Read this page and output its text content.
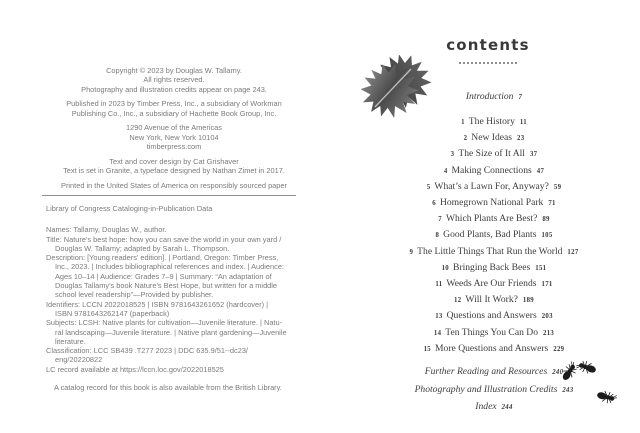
Copyright © 2023 by Douglas W. Tallamy.
All rights reserved.
Photography and illustration credits appear on page 243.
Published in 2023 by Timber Press, Inc., a subsidiary of Workman
Publishing Co., Inc., a subsidiary of Hachette Book Group, Inc.
1290 Avenue of the Americas
New York, New York 10104
timberpress.com
Text and cover design by Cat Grishaver
Text is set in Granite, a typeface designed by Nathan Zimet in 2017.
Printed in the United States of America on responsibly sourced paper
Library of Congress Cataloging-in-Publication Data
Names: Tallamy, Douglas W., author.
Title: Nature's best hope: how you can save the world in your own yard /
Douglas W. Tallamy; adapted by Sarah L. Thompson.
Description: [Young readers' edition]. | Portland, Oregon: Timber Press,
Inc., 2023. | Includes bibliographical references and index. | Audience:
Ages 10–14 | Audience: Grades 7–9 | Summary: “An adaptation of
Douglas Tallamy's book Nature's Best Hope, but written for a middle
school level readership”—Provided by publisher.
Identifiers: LCCN 2022018525 | ISBN 9781643261652 (hardcover) |
ISBN 9781643262147 (paperback)
Subjects: LCSH: Native plants for cultivation—Juvenile literature. | Natu-
ral landscaping—Juvenile literature. | Native plant gardening—Juvenile
literature.
Classification: LCC SB439 .T277 2023 | DDC 635.9/51--dc23/
eng/20220822
LC record available at https://lccn.loc.gov/2022018525
A catalog record for this book is also available from the British Library.
contents
Introduction 7
1 The History 11
2 New Ideas 23
3 The Size of It All 37
4 Making Connections 47
5 What’s a Lawn For, Anyway? 59
6 Homegrown National Park 71
7 Which Plants Are Best? 89
8 Good Plants, Bad Plants 105
9 The Little Things That Run the World 127
10 Bringing Back Bees 151
11 Weeds Are Our Friends 171
12 Will It Work? 189
13 Questions and Answers 203
14 Ten Things You Can Do 213
15 More Questions and Answers 229
Further Reading and Resources 240
Photography and Illustration Credits 243
Index 244
